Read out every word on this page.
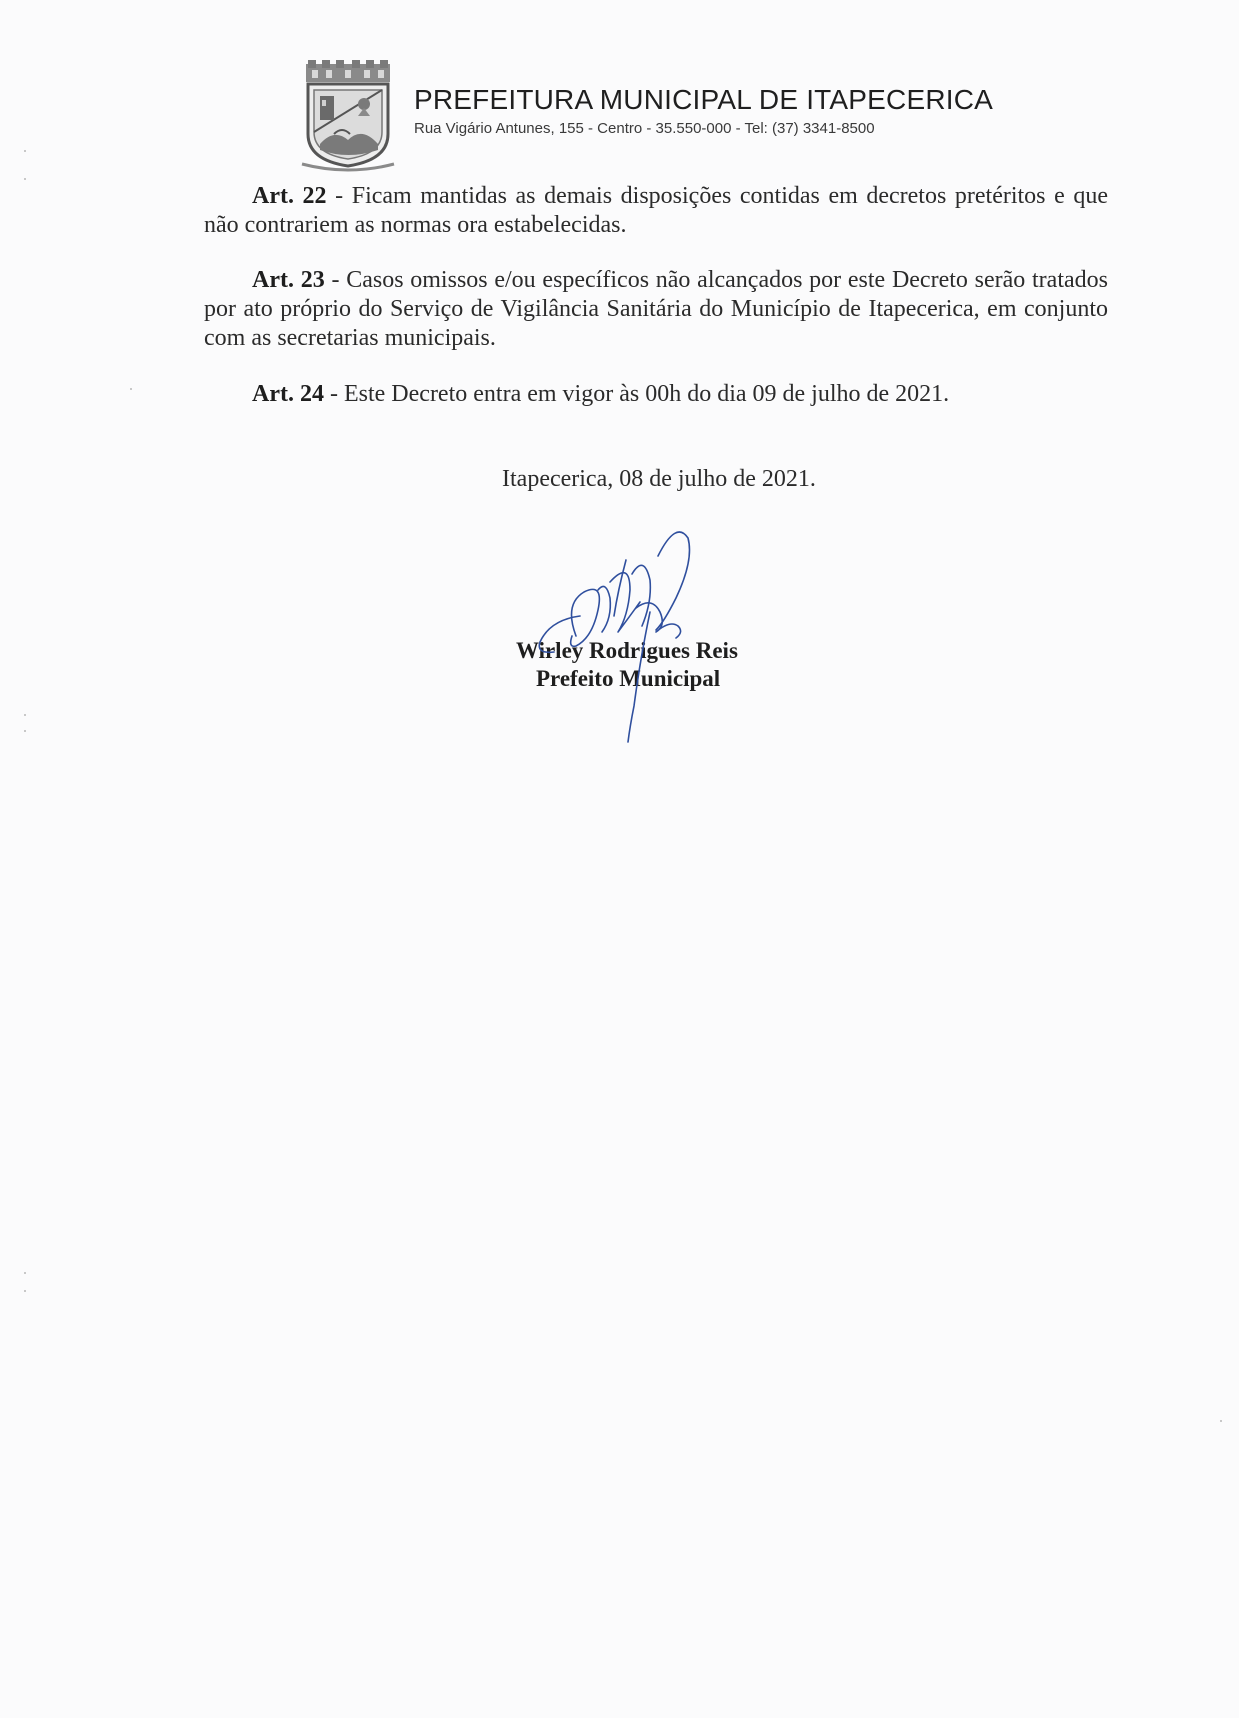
PREFEITURA MUNICIPAL DE ITAPECERICA
Rua Vigário Antunes, 155 - Centro - 35.550-000 - Tel: (37) 3341-8500
Art. 22 - Ficam mantidas as demais disposições contidas em decretos pretéritos e que não contrariem as normas ora estabelecidas.
Art. 23 - Casos omissos e/ou específicos não alcançados por este Decreto serão tratados por ato próprio do Serviço de Vigilância Sanitária do Município de Itapecerica, em conjunto com as secretarias municipais.
Art. 24 - Este Decreto entra em vigor às 00h do dia 09 de julho de 2021.
Itapecerica, 08 de julho de 2021.
Wirley Rodrigues Reis
Prefeito Municipal
